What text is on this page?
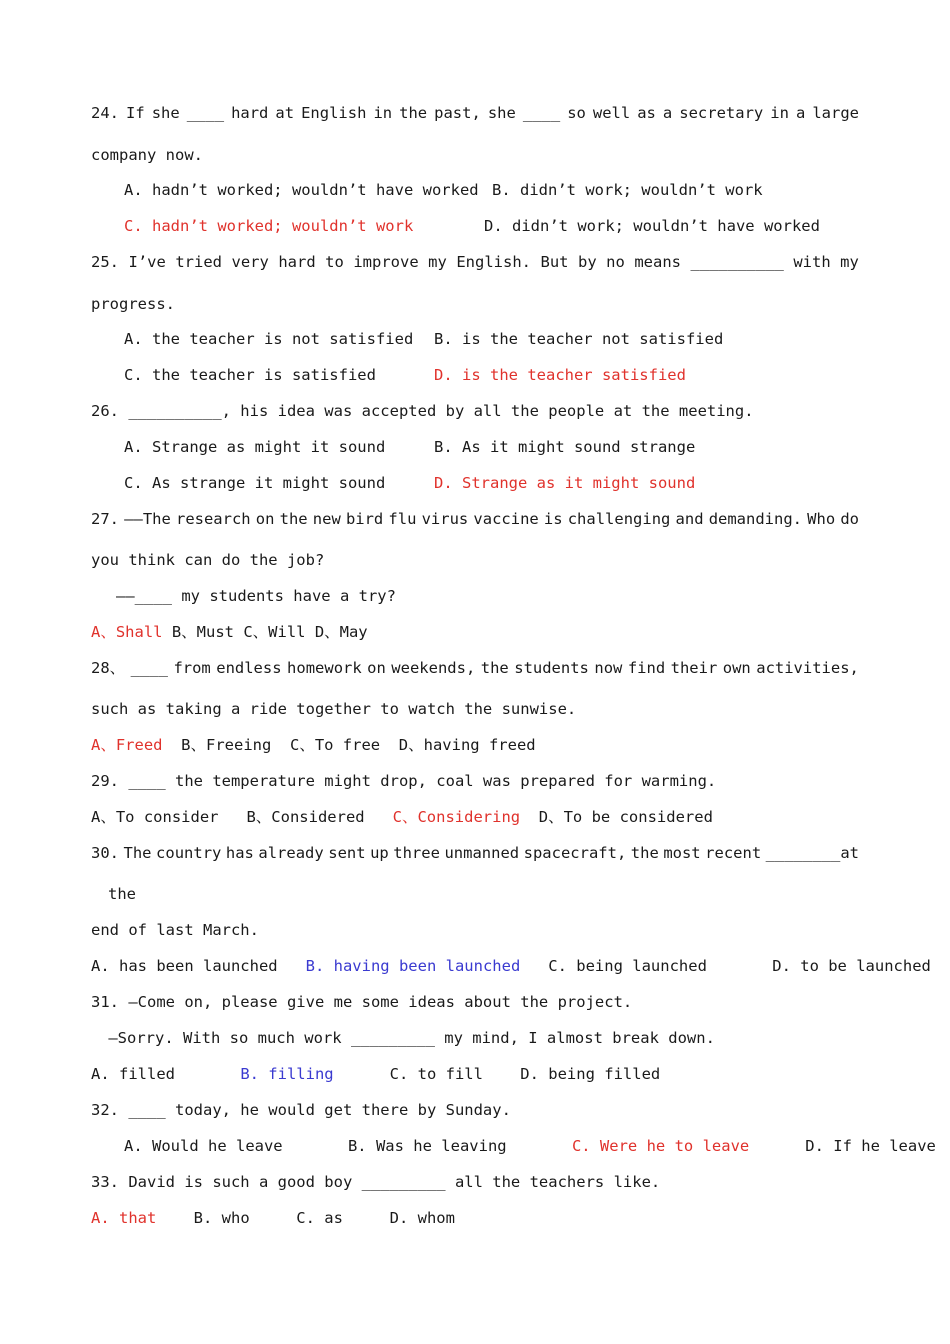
24. If she ____ hard at English in the past, she ____ so well as a secretary in a large
company now.
A. hadn’t worked; wouldn’t have worked B. didn’t work; wouldn’t work
C. hadn’t worked; wouldn’t work	D. didn’t work; wouldn’t have worked
25. I’ve tried very hard to improve my English. But by no means __________ with my
progress.
A. the teacher is not satisfied B. is the teacher not satisfied
C. the teacher is satisfied	D. is the teacher satisfied
26. __________, his idea was accepted by all the people at the meeting.
A. Strange as might it sound	B. As it might sound strange
C. As strange it might sound	D. Strange as it might sound
27. ——The research on the new bird flu virus vaccine is challenging and demanding. Who do
you think can do the job?
——____ my students have a try?
A、Shall B、Must C、Will D、May
28、 ____ from endless homework on weekends, the students now find their own activities,
such as taking a ride together to watch the sunwise.
A、Freed  B、Freeing  C、To free  D、having freed
29. ____ the temperature might drop, coal was prepared for warming.
A、To consider   B、Considered   C、Considering  D、To be considered
30. The country has already sent up three unmanned spacecraft, the most recent ________at
the
end of last March.
A. has been launched   B. having been launched   C. being launched       D. to be launched
31. —Come on, please give me some ideas about the project.
—Sorry. With so much work _________ my mind, I almost break down.
A. filled       B. filling      C. to fill    D. being filled
32. ____ today, he would get there by Sunday.
A. Would he leave       B. Was he leaving       C. Were he to leave      D. If he leave
33. David is such a good boy _________ all the teachers like.
A. that    B. who     C. as     D. whom
